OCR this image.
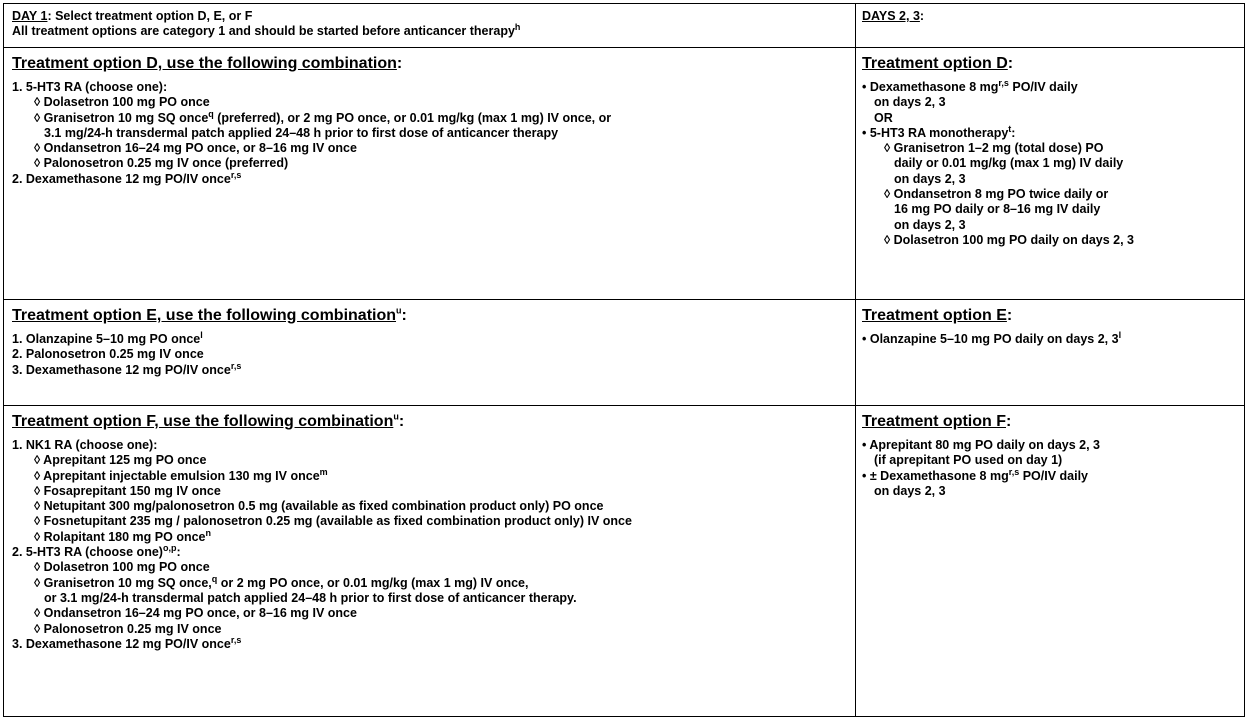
DAY 1: Select treatment option D, E, or F
All treatment options are category 1 and should be started before anticancer therapy$^h$
DAYS 2, 3:
Treatment option D, use the following combination:
1. 5-HT3 RA (choose one):
◊ Dolasetron 100 mg PO once
◊ Granisetron 10 mg SQ once$^q$ (preferred), or 2 mg PO once, or 0.01 mg/kg (max 1 mg) IV once, or
3.1 mg/24-h transdermal patch applied 24–48 h prior to first dose of anticancer therapy
◊ Ondansetron 16–24 mg PO once, or 8–16 mg IV once
◊ Palonosetron 0.25 mg IV once (preferred)
2. Dexamethasone 12 mg PO/IV once$^{r,s}$
Treatment option D:
• Dexamethasone 8 mg$^{r,s}$ PO/IV daily
on days 2, 3
OR
• 5-HT3 RA monotherapy$^t$:
◊ Granisetron 1–2 mg (total dose) PO
daily or 0.01 mg/kg (max 1 mg) IV daily
on days 2, 3
◊ Ondansetron 8 mg PO twice daily or
16 mg PO daily or 8–16 mg IV daily
on days 2, 3
◊ Dolasetron 100 mg PO daily on days 2, 3
Treatment option E, use the following combination$^u$:
1. Olanzapine 5–10 mg PO once$^l$
2. Palonosetron 0.25 mg IV once
3. Dexamethasone 12 mg PO/IV once$^{r,s}$
Treatment option E:
• Olanzapine 5–10 mg PO daily on days 2, 3$^l$
Treatment option F, use the following combination$^u$:
1. NK1 RA (choose one):
◊ Aprepitant 125 mg PO once
◊ Aprepitant injectable emulsion 130 mg IV once$^m$
◊ Fosaprepitant 150 mg IV once
◊ Netupitant 300 mg/palonosetron 0.5 mg (available as fixed combination product only) PO once
◊ Fosnetupitant 235 mg / palonosetron 0.25 mg (available as fixed combination product only) IV once
◊ Rolapitant 180 mg PO once$^n$
2. 5-HT3 RA (choose one)$^{o,p}$:
◊ Dolasetron 100 mg PO once
◊ Granisetron 10 mg SQ once,$^q$ or 2 mg PO once, or 0.01 mg/kg (max 1 mg) IV once,
or 3.1 mg/24-h transdermal patch applied 24–48 h prior to first dose of anticancer therapy.
◊ Ondansetron 16–24 mg PO once, or 8–16 mg IV once
◊ Palonosetron 0.25 mg IV once
3. Dexamethasone 12 mg PO/IV once$^{r,s}$
Treatment option F:
• Aprepitant 80 mg PO daily on days 2, 3
(if aprepitant PO used on day 1)
• ± Dexamethasone 8 mg$^{r,s}$ PO/IV daily
on days 2, 3
